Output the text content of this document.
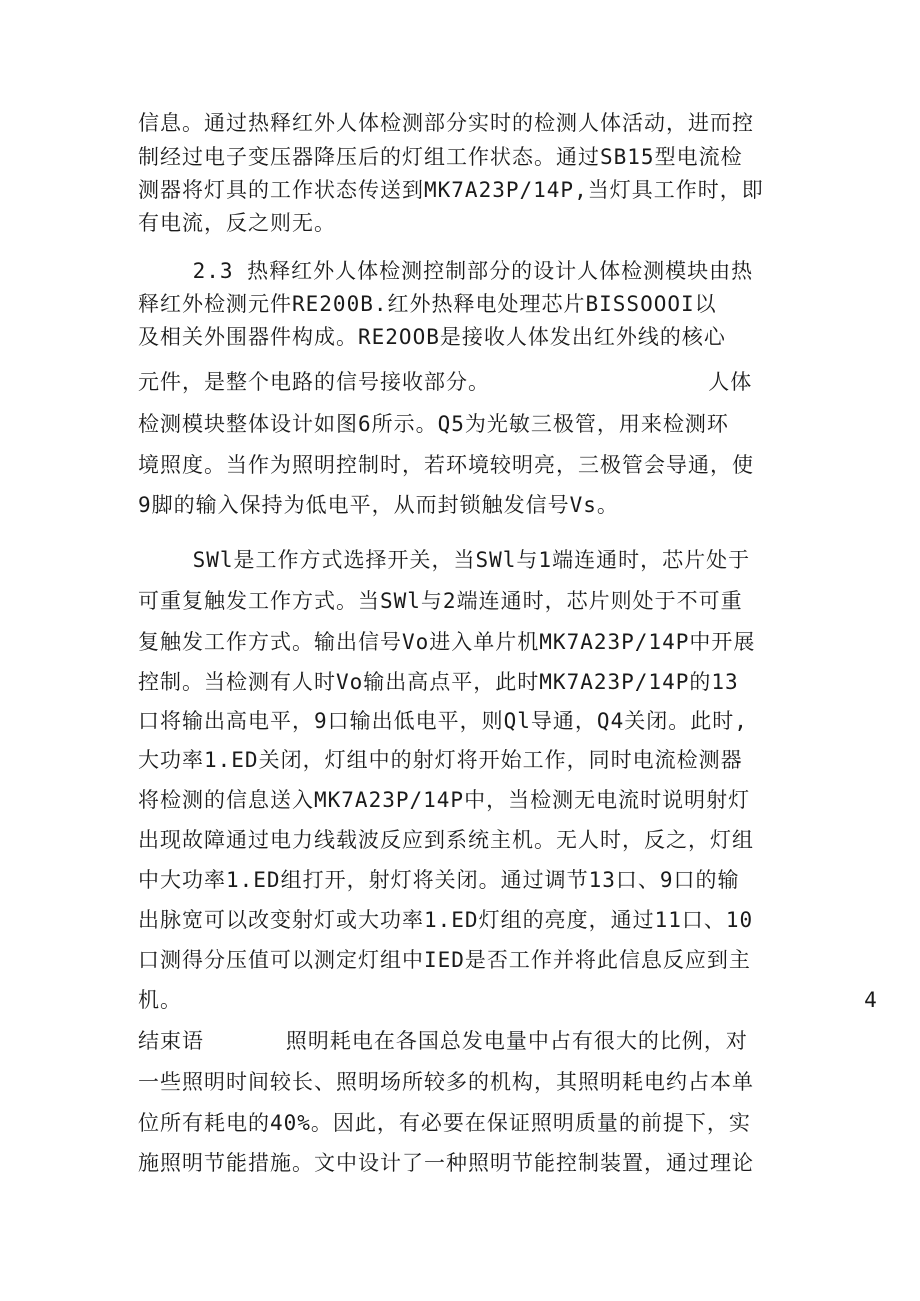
信息。通过热释红外人体检测部分实时的检测人体活动，进而控
制经过电子变压器降压后的灯组工作状态。通过SB15型电流检
测器将灯具的工作状态传送到MK7A23P/14P,当灯具工作时，即
有电流，反之则无。
2.3 热释红外人体检测控制部分的设计人体检测模块由热
释红外检测元件RE200B.红外热释电处理芯片BISSOOOI以
及相关外围器件构成。RE2OOB是接收人体发出红外线的核心
元件，是整个电路的信号接收部分。                人体
检测模块整体设计如图6所示。Q5为光敏三极管，用来检测环
境照度。当作为照明控制时，若环境较明亮，三极管会导通，使
9脚的输入保持为低电平，从而封锁触发信号Vs。
SWl是工作方式选择开关，当SWl与1端连通时，芯片处于
可重复触发工作方式。当SWl与2端连通时，芯片则处于不可重
复触发工作方式。输出信号Vo进入单片机MK7A23P/14P中开展
控制。当检测有人时Vo输出高点平，此时MK7A23P/14P的13
口将输出高电平，9口输出低电平，则Ql导通，Q4关闭。此时,
大功率1.ED关闭，灯组中的射灯将开始工作，同时电流检测器
将检测的信息送入MK7A23P/14P中，当检测无电流时说明射灯
出现故障通过电力线载波反应到系统主机。无人时，反之，灯组
中大功率1.ED组打开，射灯将关闭。通过调节13口、9口的输
出脉宽可以改变射灯或大功率1.ED灯组的亮度，通过11口、10
口测得分压值可以测定灯组中IED是否工作并将此信息反应到主
机。                                                  4
结束语      照明耗电在各国总发电量中占有很大的比例，对
一些照明时间较长、照明场所较多的机构，其照明耗电约占本单
位所有耗电的40%。因此，有必要在保证照明质量的前提下，实
施照明节能措施。文中设计了一种照明节能控制装置，通过理论
